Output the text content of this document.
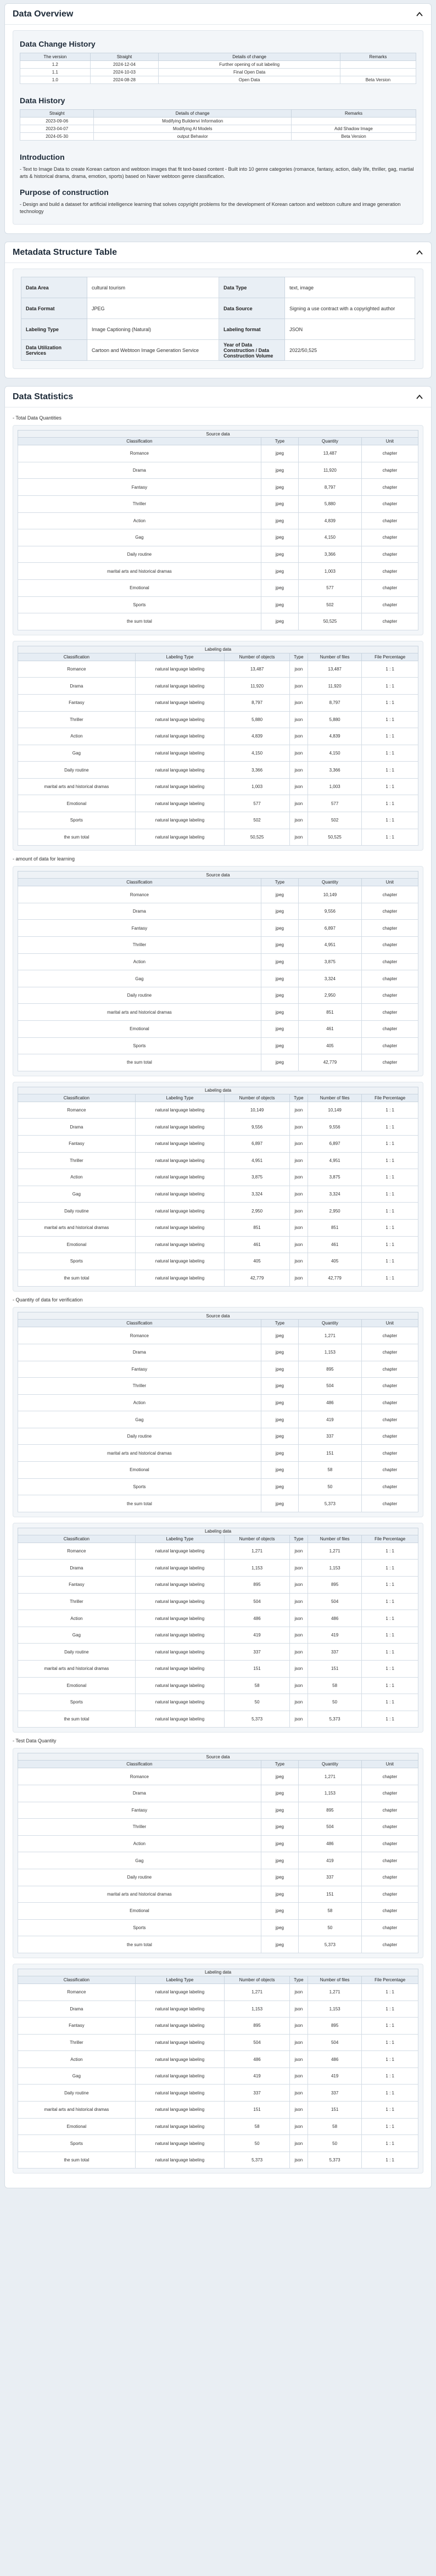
Data Overview
Data Change History
The version	Straight	Details of change	Remarks
1.2	2024-12-04	Further opening of suit labeling	
1.1	2024-10-03	Final Open Data	
1.0	2024-08-28	Open Data	Beta Version
Data History
Straight	Details of change	Remarks
2023-09-06	Modifying Buildenvi Information	
2023-04-07	Modifying AI Models	Add Shadow Image
2024-05-30	output Behavior	Beta Version
Introduction

- Text to Image Data to create Korean cartoon and webtoon images that fit text-based content - Built into 10 genre categories (romance, fantasy, action, daily life, thriller, gag, martial arts & historical drama, drama, emotion, sports) based on Naver webtoon genre classification.

Purpose of construction

- Design and build a dataset for artificial intelligence learning that solves copyright problems for the development of Korean cartoon and webtoon culture and image generation technology

Metadata Structure Table
Data Area	cultural tourism	Data Type	text, image
Data Format	JPEG	Data Source	Signing a use contract with a copyrighted author
Labeling Type	Image Captioning (Natural)	Labeling format	JSON
Data Utilization Services	Cartoon and Webtoon Image Generation Service	Year of Data Construction / Data Construction Volume	2022/50,525
Data Statistics
- Total Data Quantities
Source data			
Classification	Type	Quantity	Unit
Romance	jpeg	13,487	chapter
Drama	jpeg	11,920	chapter
Fantasy	jpeg	8,797	chapter
Thriller	jpeg	5,880	chapter
Action	jpeg	4,839	chapter
Gag	jpeg	4,150	chapter
Daily routine	jpeg	3,366	chapter
marital arts and historical dramas	jpeg	1,003	chapter
Emotional	jpeg	577	chapter
Sports	jpeg	502	chapter
the sum total	jpeg	50,525	chapter
Labeling data					
Classification	Labeling Type	Number of objects	Type	Number of files	File Percentage
Romance	natural language labeling	13,487	json	13,487	1 : 1
Drama	natural language labeling	11,920	json	11,920	1 : 1
Fantasy	natural language labeling	8,797	json	8,797	1 : 1
Thriller	natural language labeling	5,880	json	5,880	1 : 1
Action	natural language labeling	4,839	json	4,839	1 : 1
Gag	natural language labeling	4,150	json	4,150	1 : 1
Daily routine	natural language labeling	3,366	json	3,366	1 : 1
marital arts and historical dramas	natural language labeling	1,003	json	1,003	1 : 1
Emotional	natural language labeling	577	json	577	1 : 1
Sports	natural language labeling	502	json	502	1 : 1
the sum total	natural language labeling	50,525	json	50,525	1 : 1
- amount of data for learning
Source data			
Classification	Type	Quantity	Unit
Romance	jpeg	10,149	chapter
Drama	jpeg	9,556	chapter
Fantasy	jpeg	6,897	chapter
Thriller	jpeg	4,951	chapter
Action	jpeg	3,875	chapter
Gag	jpeg	3,324	chapter
Daily routine	jpeg	2,950	chapter
marital arts and historical dramas	jpeg	851	chapter
Emotional	jpeg	461	chapter
Sports	jpeg	405	chapter
the sum total	jpeg	42,779	chapter
Labeling data					
Classification	Labeling Type	Number of objects	Type	Number of files	File Percentage
Romance	natural language labeling	10,149	json	10,149	1 : 1
Drama	natural language labeling	9,556	json	9,556	1 : 1
Fantasy	natural language labeling	6,897	json	6,897	1 : 1
Thriller	natural language labeling	4,951	json	4,951	1 : 1
Action	natural language labeling	3,875	json	3,875	1 : 1
Gag	natural language labeling	3,324	json	3,324	1 : 1
Daily routine	natural language labeling	2,950	json	2,950	1 : 1
marital arts and historical dramas	natural language labeling	851	json	851	1 : 1
Emotional	natural language labeling	461	json	461	1 : 1
Sports	natural language labeling	405	json	405	1 : 1
the sum total	natural language labeling	42,779	json	42,779	1 : 1
- Quantity of data for verification
Source data			
Classification	Type	Quantity	Unit
Romance	jpeg	1,271	chapter
Drama	jpeg	1,153	chapter
Fantasy	jpeg	895	chapter
Thriller	jpeg	504	chapter
Action	jpeg	486	chapter
Gag	jpeg	419	chapter
Daily routine	jpeg	337	chapter
marital arts and historical dramas	jpeg	151	chapter
Emotional	jpeg	58	chapter
Sports	jpeg	50	chapter
the sum total	jpeg	5,373	chapter
Labeling data					
Classification	Labeling Type	Number of objects	Type	Number of files	File Percentage
Romance	natural language labeling	1,271	json	1,271	1 : 1
Drama	natural language labeling	1,153	json	1,153	1 : 1
Fantasy	natural language labeling	895	json	895	1 : 1
Thriller	natural language labeling	504	json	504	1 : 1
Action	natural language labeling	486	json	486	1 : 1
Gag	natural language labeling	419	json	419	1 : 1
Daily routine	natural language labeling	337	json	337	1 : 1
marital arts and historical dramas	natural language labeling	151	json	151	1 : 1
Emotional	natural language labeling	58	json	58	1 : 1
Sports	natural language labeling	50	json	50	1 : 1
the sum total	natural language labeling	5,373	json	5,373	1 : 1
- Test Data Quantity
Source data			
Classification	Type	Quantity	Unit
Romance	jpeg	1,271	chapter
Drama	jpeg	1,153	chapter
Fantasy	jpeg	895	chapter
Thriller	jpeg	504	chapter
Action	jpeg	486	chapter
Gag	jpeg	419	chapter
Daily routine	jpeg	337	chapter
marital arts and historical dramas	jpeg	151	chapter
Emotional	jpeg	58	chapter
Sports	jpeg	50	chapter
the sum total	jpeg	5,373	chapter
Labeling data					
Classification	Labeling Type	Number of objects	Type	Number of files	File Percentage
Romance	natural language labeling	1,271	json	1,271	1 : 1
Drama	natural language labeling	1,153	json	1,153	1 : 1
Fantasy	natural language labeling	895	json	895	1 : 1
Thriller	natural language labeling	504	json	504	1 : 1
Action	natural language labeling	486	json	486	1 : 1
Gag	natural language labeling	419	json	419	1 : 1
Daily routine	natural language labeling	337	json	337	1 : 1
marital arts and historical dramas	natural language labeling	151	json	151	1 : 1
Emotional	natural language labeling	58	json	58	1 : 1
Sports	natural language labeling	50	json	50	1 : 1
the sum total	natural language labeling	5,373	json	5,373	1 : 1
